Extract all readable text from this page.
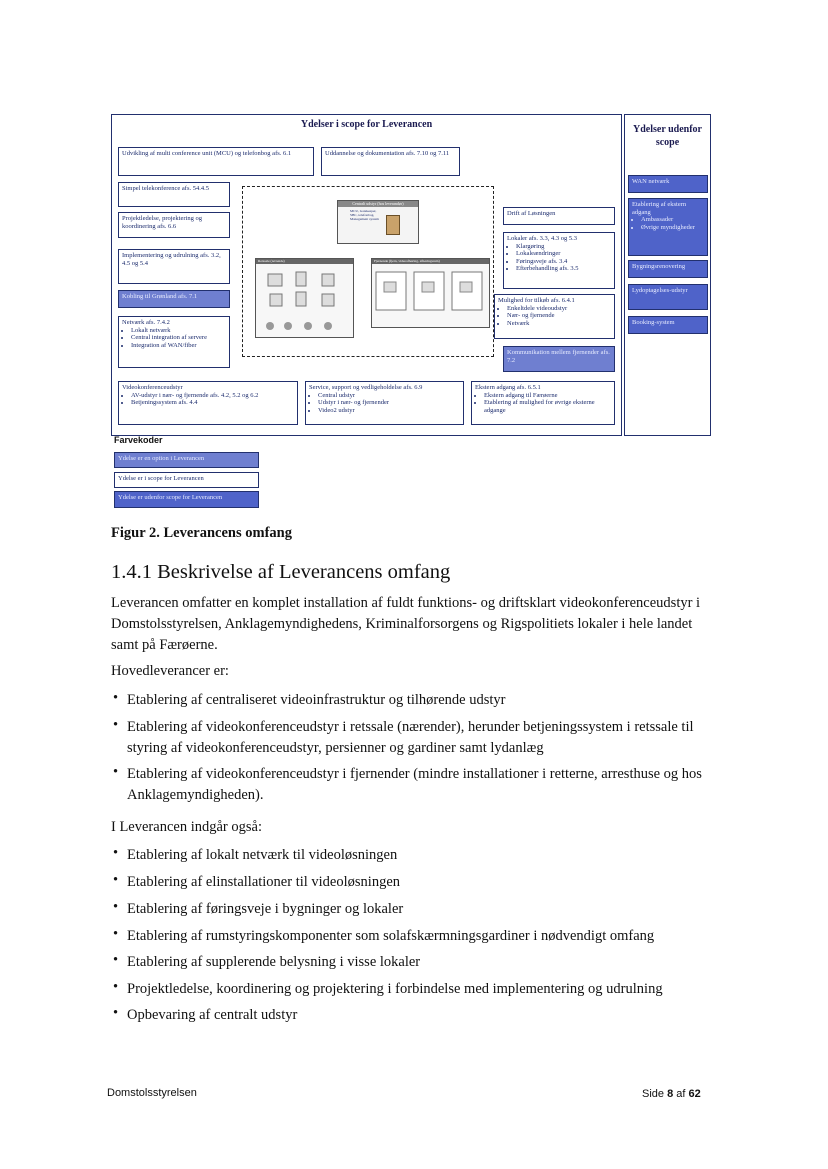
Ydelser i scope for Leverancen	Ydelser udenfor scope
Udvikling af multi conference unit (MCU) og telefonbog afs. 6.1	Uddannelse og dokumentation afs. 7.10 og 7.11
Simpel telekonference afs. 54.4.5
Projektledelse, projektering og koordinering afs. 6.6
Implementering og udrulning afs. 3.2, 4.5 og 5.4
Kobling til Grønland afs. 7.1
Netværk afs. 7.4.2
• Lokalt netværk
• Central integration af servere
• Integration af WAN/fiber
Centralt udstyr (hos leverandør)
MCU, Gatekeeper, SBC, telefonbog, Management system
Retssale (nærende)	Fjernende (fjern, videoafhøring, afhøringsrum)
Drift af Løsningen
Lokaler afs. 3.3, 4.3 og 5.3
• Klargøring
• Lokaleændringer
• Føringsveje afs. 3.4
• Efterbehandling afs. 3.5
Mulighed for tilkøb afs. 6.4.1
• Enkeltdele videoudstyr
• Nær- og fjernende
• Netværk
Kommunikation mellem fjernender afs. 7.2
Videokonferenceudstyr
• AV-udstyr i nær- og fjernende afs. 4.2, 5.2 og 6.2
• Betjeningssystem afs. 4.4
Service, support og vedligeholdelse afs. 6.9
• Central udstyr
• Udstyr i nær- og fjernender
• Video2 udstyr
Ekstern adgang afs. 6.5.1
• Ekstern adgang til Færøerne
• Etablering af mulighed for øvrige eksterne adgange
WAN netværk
Etablering af ekstern adgang
• Ambassader
• Øvrige myndigheder
Bygningsrenovering
Lydoptagelses-udstyr
Booking-system
Farvekoder
Ydelse er en option i Leverancen
Ydelse er i scope for Leverancen
Ydelse er udenfor scope for Leverancen
Figur 2. Leverancens omfang
1.4.1 Beskrivelse af Leverancens omfang
Leverancen omfatter en komplet installation af fuldt funktions- og driftsklart videokonferenceudstyr i Domstolsstyrelsen, Anklagemyndighedens, Kriminalforsorgens og Rigspolitiets lokaler i hele landet samt på Færøerne.
Hovedleverancer er:
• Etablering af centraliseret videoinfrastruktur og tilhørende udstyr
• Etablering af videokonferenceudstyr i retssale (nærender), herunder betjeningssystem i retssale til styring af videokonferenceudstyr, persienner og gardiner samt lydanlæg
• Etablering af videokonferenceudstyr i fjernender (mindre installationer i retterne, arresthuse og hos Anklagemyndigheden).
I Leverancen indgår også:
• Etablering af lokalt netværk til videoløsningen
• Etablering af elinstallationer til videoløsningen
• Etablering af føringsveje i bygninger og lokaler
• Etablering af rumstyringskomponenter som solafskærmningsgardiner i nødvendigt omfang
• Etablering af supplerende belysning i visse lokaler
• Projektledelse, koordinering og projektering i forbindelse med implementering og udrulning
• Opbevaring af centralt udstyr
Domstolsstyrelsen	Side 8 af 62
